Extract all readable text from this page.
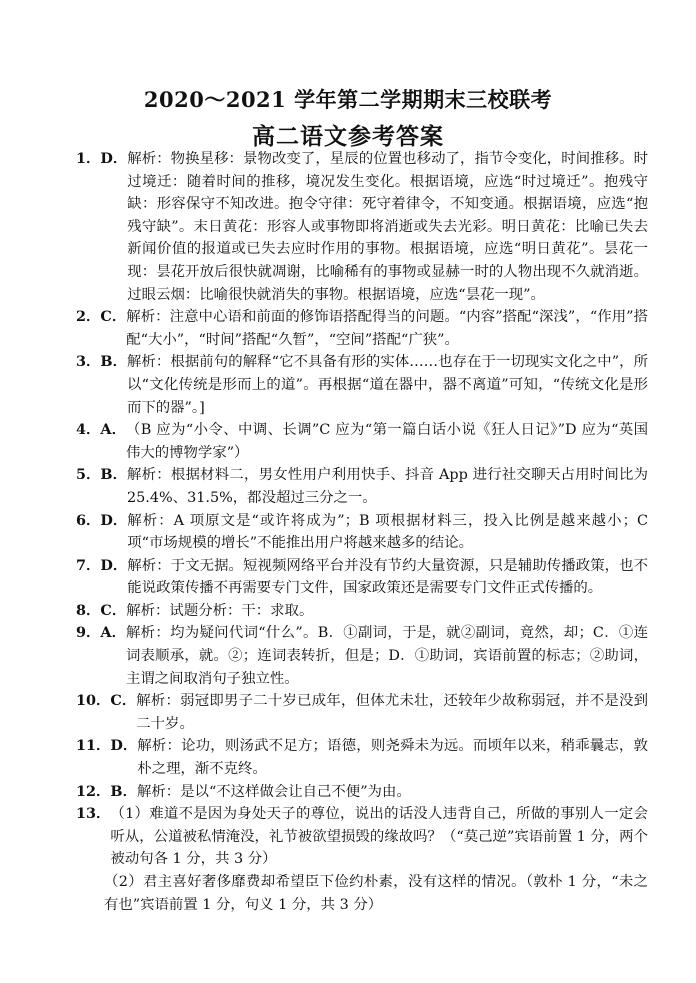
2020～2021 学年第二学期期末三校联考
高二语文参考答案
1．D． 解析：物换星移：景物改变了，星辰的位置也移动了，指节令变化，时间推移。时过境迁：随着时间的推移，境况发生变化。根据语境，应选“时过境迁”。抱残守缺：形容保守不知改进。抱令守律：死守着律令，不知变通。根据语境，应选“抱残守缺”。末日黄花：形容人或事物即将消逝或失去光彩。明日黄花：比喻已失去新闻价值的报道或已失去应时作用的事物。根据语境，应选“明日黄花”。昙花一现：昙花开放后很快就凋谢，比喻稀有的事物或显赫一时的人物出现不久就消逝。过眼云烟：比喻很快就消失的事物。根据语境，应选“昙花一现”。
2．C． 解析：注意中心语和前面的修饰语搭配得当的问题。“内容”搭配“深浅”，“作用”搭配“大小”，“时间”搭配“久暂”，“空间”搭配“广狭”。
3．B． 解析：根据前句的解释“它不具备有形的实体……也存在于一切现实文化之中”，所以“文化传统是形而上的道”。再根据“道在器中，器不离道”可知，“传统文化是形而下的器”。]
4．A． （B 应为“小令、中调、长调”C 应为“第一篇白话小说《狂人日记》”D 应为“英国伟大的博物学家”）
5．B． 解析：根据材料二，男女性用户利用快手、抖音 App 进行社交聊天占用时间比为 25.4%、31.5%，都没超过三分之一。
6．D． 解析：A 项原文是“或许将成为”；B 项根据材料三，投入比例是越来越小；C 项“市场规模的增长”不能推出用户将越来越多的结论。
7．D． 解析：于文无据。短视频网络平台并没有节约大量资源，只是辅助传播政策，也不能说政策传播不再需要专门文件，国家政策还是需要专门文件正式传播的。
8．C． 解析：试题分析：干：求取。
9．A． 解析：均为疑问代词“什么”。B．①副词，于是，就②副词，竟然，却；C．①连词表顺承，就。②；连词表转折，但是；D．①助词，宾语前置的标志；②助词，主谓之间取消句子独立性。
10．C． 解析：弱冠即男子二十岁已成年，但体尤未壮，还较年少故称弱冠，并不是没到二十岁。
11．D． 解析：论功，则汤武不足方；语德，则尧舜未为远。而顷年以来，稍乖曩志，敦朴之理，渐不克终。
12．B． 解析：是以“不这样做会让自己不便”为由。
13． （1）难道不是因为身处天子的尊位，说出的话没人违背自己，所做的事别人一定会听从，公道被私情淹没，礼节被欲望损毁的缘故吗？（“莫己逆”宾语前置 1 分，两个被动句各 1 分，共 3 分）
（2）君主喜好奢侈靡费却希望臣下俭约朴素，没有这样的情况。（敦朴 1 分，“未之有也”宾语前置 1 分，句义 1 分，共 3 分）
